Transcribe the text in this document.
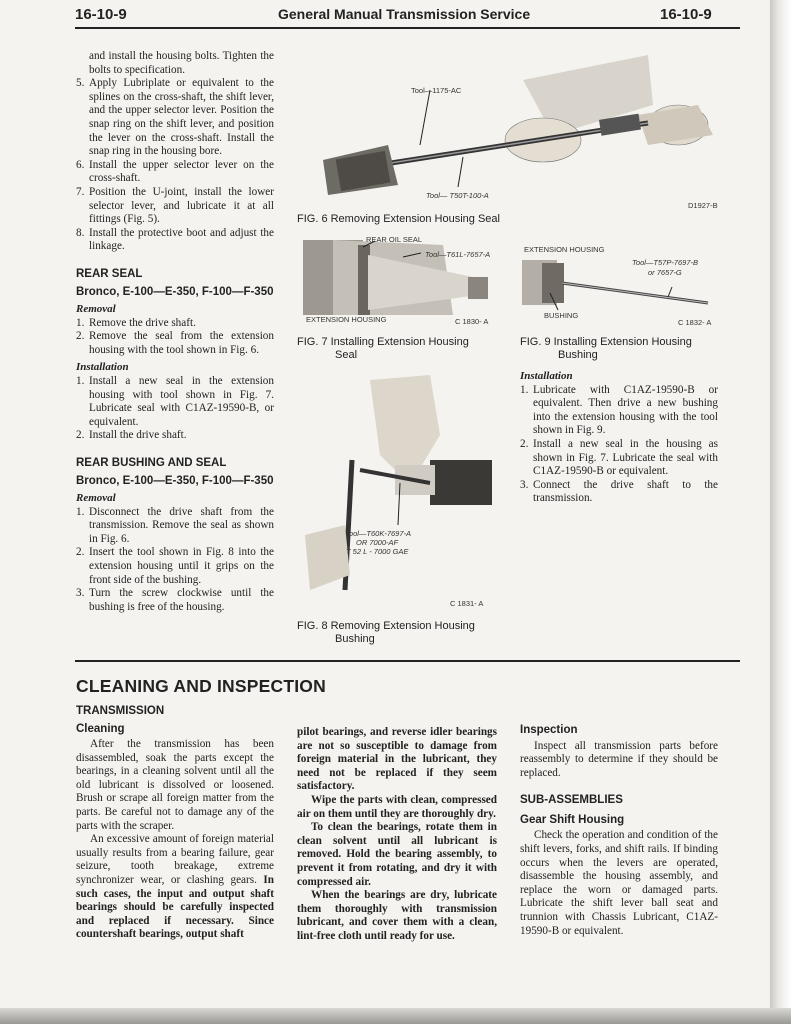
16-10-9	General Manual Transmission Service	16-10-9

and install the housing bolts. Tighten the bolts to specification.

5. Apply Lubriplate or equivalent to the splines on the cross-shaft, the shift lever, and the upper selector lever. Position the snap ring on the shift lever, and position the lever on the cross-shaft. Install the snap ring in the housing bore.
6. Install the upper selector lever on the cross-shaft.
7. Position the U-joint, install the lower selector lever, and lubricate it at all fittings (Fig. 5).
8. Install the protective boot and adjust the linkage.

REAR SEAL

Bronco, E-100—E-350, F-100—F-350

Removal

1. Remove the drive shaft.
2. Remove the seal from the extension housing with the tool shown in Fig. 6.

Installation

1. Install a new seal in the extension housing with tool shown in Fig. 7. Lubricate seal with C1AZ-19590-B, or equivalent.
2. Install the drive shaft.

REAR BUSHING AND SEAL

Bronco, E-100—E-350, F-100—F-350

Removal

1. Disconnect the drive shaft from the transmission. Remove the seal as shown in Fig. 6.
2. Insert the tool shown in Fig. 8 into the extension housing until it grips on the front side of the bushing.
3. Turn the screw clockwise until the bushing is free of the housing.
Tool—1175-AC
Tool— T50T-100-A
D1927-B
FIG. 6 Removing Extension Housing Seal
REAR OIL SEAL
Tool—T61L-7657-A
EXTENSION HOUSING	C 1830- A
FIG. 7 Installing Extension Housing
Seal
EXTENSION HOUSING
Tool—T57P-7697-B
or 7657-G
BUSHING
C 1832- A
FIG. 9 Installing Extension Housing
Bushing

Installation

1. Lubricate with C1AZ-19590-B or equivalent. Then drive a new bushing into the extension housing with the tool shown in Fig. 9.
2. Install a new seal in the housing as shown in Fig. 7. Lubricate the seal with C1AZ-19590-B or equivalent.
3. Connect the drive shaft to the transmission.
Tool—T60K-7697-A
OR 7000-AF
T 52 L - 7000 GAE
C 1831- A
FIG. 8 Removing Extension Housing
Bushing
CLEANING AND INSPECTION

TRANSMISSION

Cleaning

After the transmission has been disassembled, soak the parts except the bearings, in a cleaning solvent until all the old lubricant is dissolved or loosened. Brush or scrape all foreign matter from the parts. Be careful not to damage any of the parts with the scraper.

An excessive amount of foreign material usually results from a bearing failure, gear seizure, tooth breakage, extreme synchronizer wear, or clashing gears. In such cases, the input and output shaft bearings should be carefully inspected and replaced if necessary. Since countershaft bearings, output shaft

pilot bearings, and reverse idler bearings are not so susceptible to damage from foreign material in the lubricant, they need not be replaced if they seem satisfactory.

Wipe the parts with clean, compressed air on them until they are thoroughly dry.

To clean the bearings, rotate them in clean solvent until all lubricant is removed. Hold the bearing assembly, to prevent it from rotating, and dry it with compressed air.

When the bearings are dry, lubricate them thoroughly with transmission lubricant, and cover them with a clean, lint-free cloth until ready for use.

Inspection

Inspect all transmission parts before reassembly to determine if they should be replaced.

SUB-ASSEMBLIES

Gear Shift Housing

Check the operation and condition of the shift levers, forks, and shift rails. If binding occurs when the levers are operated, disassemble the housing assembly, and replace the worn or damaged parts. Lubricate the shift lever ball seat and trunnion with Chassis Lubricant, C1AZ-19590-B or equivalent.
